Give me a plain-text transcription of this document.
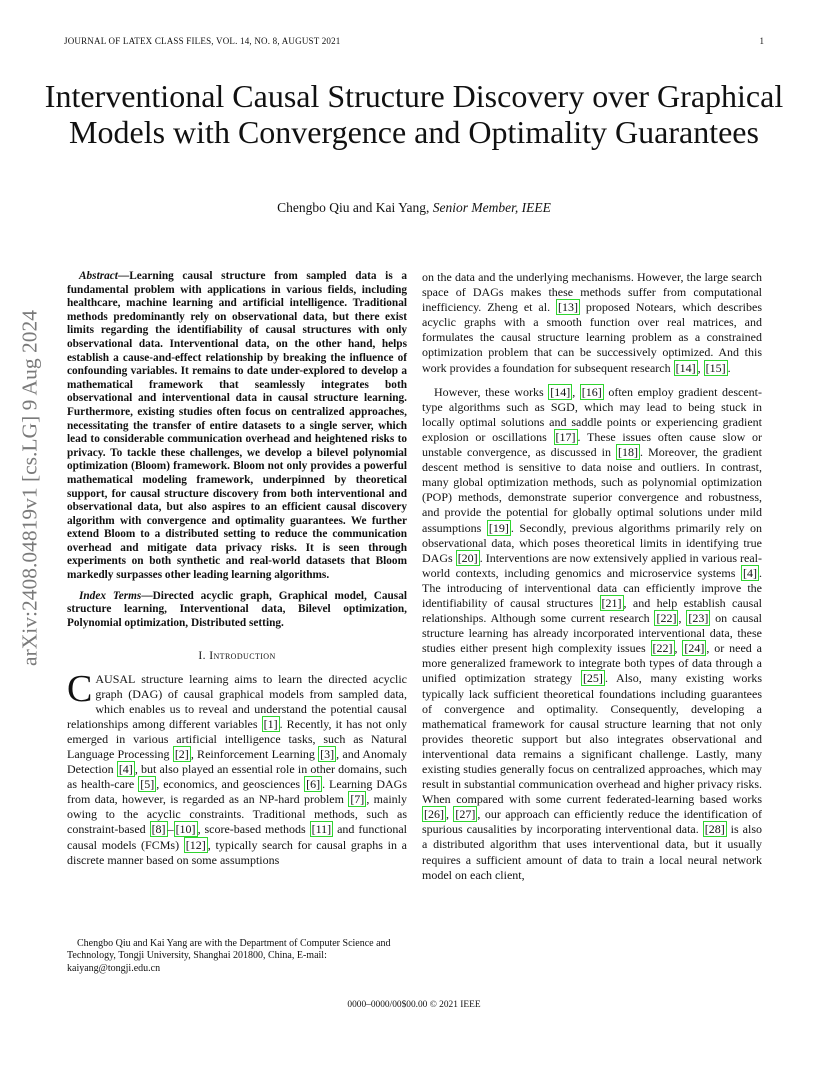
JOURNAL OF LATEX CLASS FILES, VOL. 14, NO. 8, AUGUST 2021	1
Interventional Causal Structure Discovery over Graphical Models with Convergence and Optimality Guarantees
Chengbo Qiu and Kai Yang, Senior Member, IEEE
arXiv:2408.04819v1 [cs.LG] 9 Aug 2024

Abstract—Learning causal structure from sampled data is a fundamental problem with applications in various fields, including healthcare, machine learning and artificial intelligence. Traditional methods predominantly rely on observational data, but there exist limits regarding the identifiability of causal structures with only observational data. Interventional data, on the other hand, helps establish a cause-and-effect relationship by breaking the influence of confounding variables. It remains to date under-explored to develop a mathematical framework that seamlessly integrates both observational and interventional data in causal structure learning. Furthermore, existing studies often focus on centralized approaches, necessitating the transfer of entire datasets to a single server, which lead to considerable communication overhead and heightened risks to privacy. To tackle these challenges, we develop a bilevel polynomial optimization (Bloom) framework. Bloom not only provides a powerful mathematical modeling framework, underpinned by theoretical support, for causal structure discovery from both interventional and observational data, but also aspires to an efficient causal discovery algorithm with convergence and optimality guarantees. We further extend Bloom to a distributed setting to reduce the communication overhead and mitigate data privacy risks. It is seen through experiments on both synthetic and real-world datasets that Bloom markedly surpasses other leading learning algorithms.

Index Terms—Directed acyclic graph, Graphical model, Causal structure learning, Interventional data, Bilevel optimization, Polynomial optimization, Distributed setting.

I. Introduction

CAUSAL structure learning aims to learn the directed acyclic graph (DAG) of causal graphical models from sampled data, which enables us to reveal and understand the potential causal relationships among different variables [1] . Recently, it has not only emerged in various artificial intelligence tasks, such as Natural Language Processing [2] , Reinforcement Learning [3] , and Anomaly Detection [4] , but also played an essential role in other domains, such as health-care [5] , economics, and geosciences [6] . Learning DAGs from data, however, is regarded as an NP-hard problem [7] , mainly owing to the acyclic constraints. Traditional methods, such as constraint-based [8] – [10] , score-based methods [11] and functional causal models (FCMs) [12] , typically search for causal graphs in a discrete manner based on some assumptions

on the data and the underlying mechanisms. However, the large search space of DAGs makes these methods suffer from computational inefficiency. Zheng et al. [13] proposed Notears, which describes acyclic graphs with a smooth function over real matrices, and formulates the causal structure learning problem as a constrained optimization problem that can be successively optimized. And this work provides a foundation for subsequent research [14] , [15] .

However, these works [14] , [16] often employ gradient descent-type algorithms such as SGD, which may lead to being stuck in locally optimal solutions and saddle points or experiencing gradient explosion or oscillations [17] . These issues often cause slow or unstable convergence, as discussed in [18] . Moreover, the gradient descent method is sensitive to data noise and outliers. In contrast, many global optimization methods, such as polynomial optimization (POP) methods, demonstrate superior convergence and robustness, and provide the potential for globally optimal solutions under mild assumptions [19] . Secondly, previous algorithms primarily rely on observational data, which poses theoretical limits in identifying true DAGs [20] . Interventions are now extensively applied in various real-world contexts, including genomics and microservice systems [4] . The introducing of interventional data can efficiently improve the identifiability of causal structures [21] , and help establish causal relationships. Although some current research [22] , [23] on causal structure learning has already incorporated interventional data, these studies either present high complexity issues [22] , [24] , or need a more generalized framework to integrate both types of data through a unified optimization strategy [25] . Also, many existing works typically lack sufficient theoretical foundations including guarantees of convergence and optimality. Consequently, developing a mathematical framework for causal structure learning that not only provides theoretic support but also integrates observational and interventional data remains a significant challenge. Lastly, many existing studies generally focus on centralized approaches, which may result in substantial communication overhead and higher privacy risks. When compared with some current federated-learning based works [26] , [27] , our approach can efficiently reduce the identification of spurious causalities by incorporating interventional data. [28] is also a distributed algorithm that uses interventional data, but it usually requires a sufficient amount of data to train a local neural network model on each client,

Chengbo Qiu and Kai Yang are with the Department of Computer Science and Technology, Tongji University, Shanghai 201800, China, E-mail: kaiyang@tongji.edu.cn
0000–0000/00$00.00 © 2021 IEEE
